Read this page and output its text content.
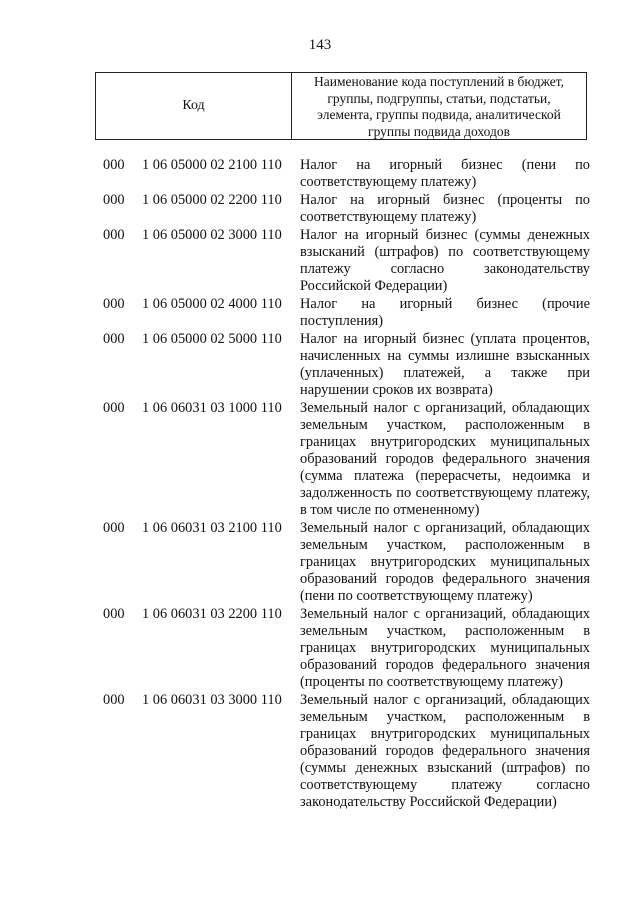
143
Код
Наименование кода поступлений в бюджет,
группы, подгруппы, статьи, подстатьи,
элемента, группы подвида, аналитической
группы подвида доходов
000	1 06 05000 02 2100 110	Налог на игорный бизнес (пени по
соответствующему платежу)
000	1 06 05000 02 2200 110	Налог на игорный бизнес (проценты по
соответствующему платежу)
000	1 06 05000 02 3000 110	Налог на игорный бизнес (суммы денежных
взысканий (штрафов) по соответствующему
платежу согласно законодательству
Российской Федерации)
000	1 06 05000 02 4000 110	Налог на игорный бизнес (прочие
поступления)
000	1 06 05000 02 5000 110	Налог на игорный бизнес (уплата процентов,
начисленных на суммы излишне взысканных
(уплаченных) платежей, а также при
нарушении сроков их возврата)
000	1 06 06031 03 1000 110	Земельный налог с организаций, обладающих
земельным участком, расположенным в
границах внутригородских муниципальных
образований городов федерального значения
(сумма платежа (перерасчеты, недоимка и
задолженность по соответствующему платежу,
в том числе по отмененному)
000	1 06 06031 03 2100 110	Земельный налог с организаций, обладающих
земельным участком, расположенным в
границах внутригородских муниципальных
образований городов федерального значения
(пени по соответствующему платежу)
000	1 06 06031 03 2200 110	Земельный налог с организаций, обладающих
земельным участком, расположенным в
границах внутригородских муниципальных
образований городов федерального значения
(проценты по соответствующему платежу)
000	1 06 06031 03 3000 110	Земельный налог с организаций, обладающих
земельным участком, расположенным в
границах внутригородских муниципальных
образований городов федерального значения
(суммы денежных взысканий (штрафов) по
соответствующему платежу согласно
законодательству Российской Федерации)
